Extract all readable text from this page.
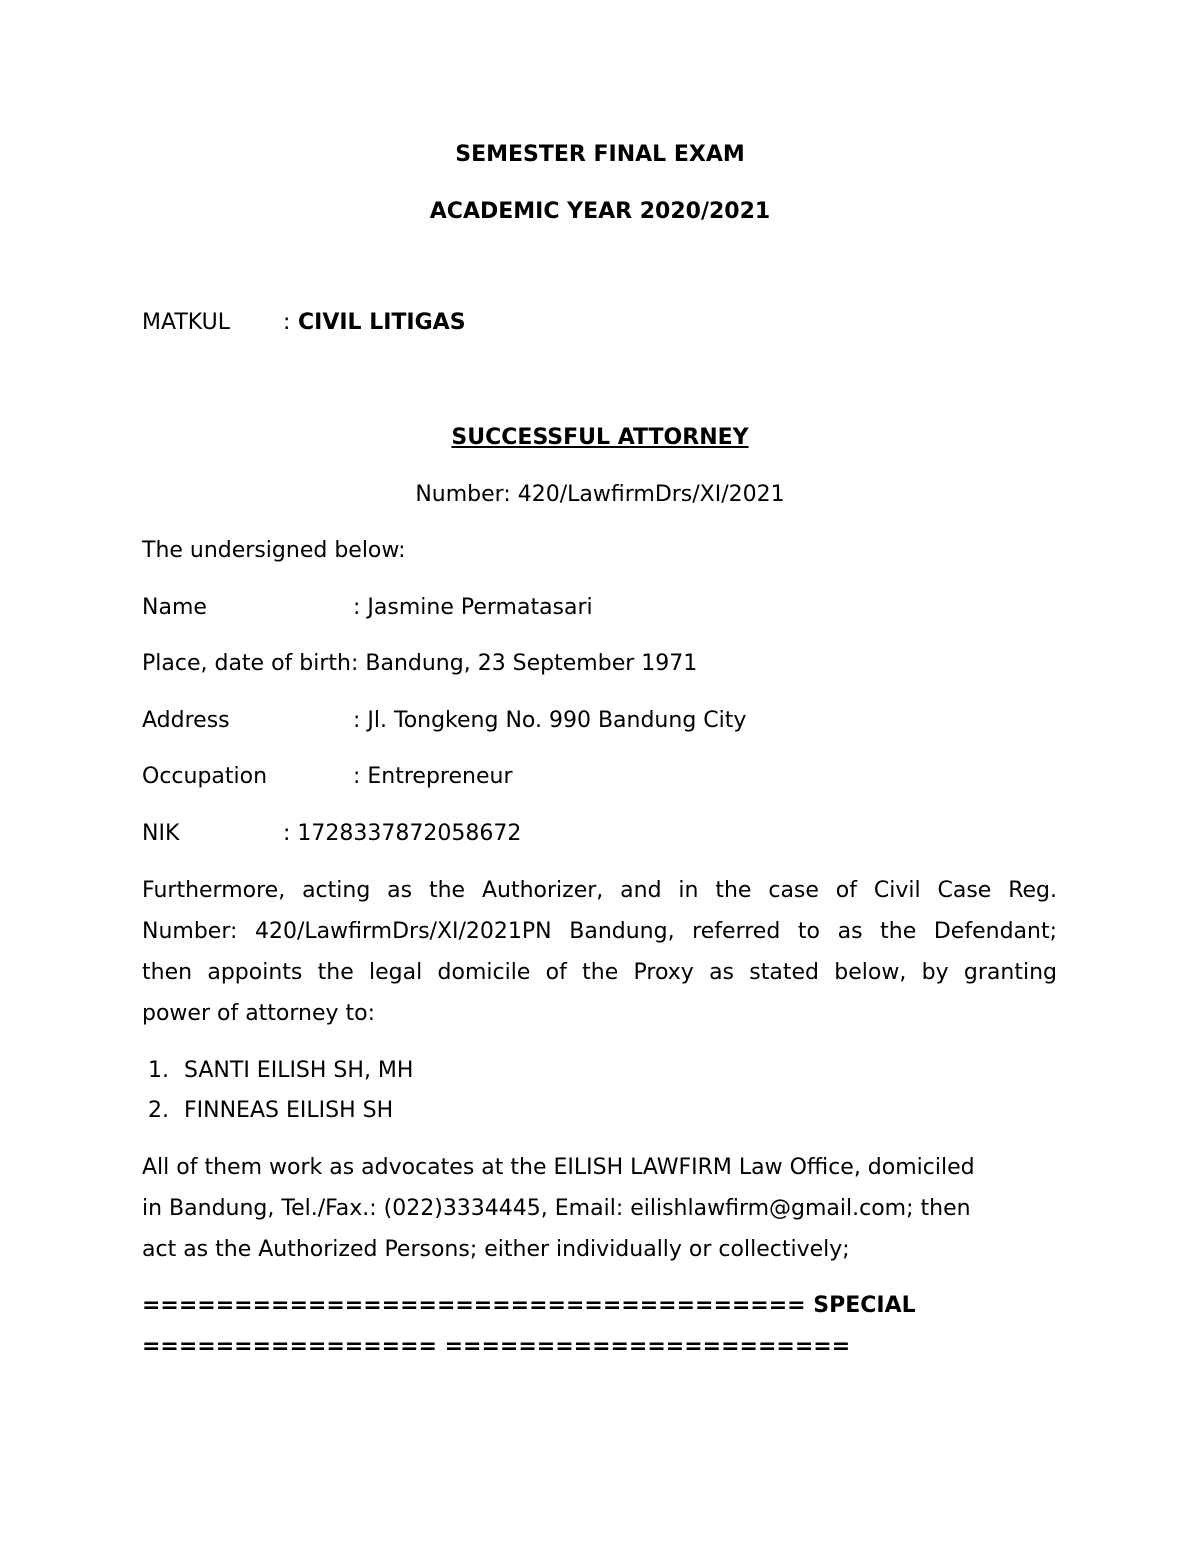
SEMESTER FINAL EXAM
ACADEMIC YEAR 2020/2021
MATKUL : CIVIL LITIGAS
SUCCESSFUL ATTORNEY
Number: 420/LawfirmDrs/XI/2021
The undersigned below:
Name	: Jasmine Permatasari
Place, date of birth: Bandung, 23 September 1971
Address	: Jl. Tongkeng No. 990 Bandung City
Occupation	: Entrepreneur
NIK	: 1728337872058672
Furthermore, acting as the Authorizer, and in the case of Civil Case Reg.
Number: 420/LawfirmDrs/XI/2021PN Bandung, referred to as the Defendant;
then appoints the legal domicile of the Proxy as stated below, by granting
power of attorney to:
1. SANTI EILISH SH, MH
2. FINNEAS EILISH SH
All of them work as advocates at the EILISH LAWFIRM Law Office, domiciled
in Bandung, Tel./Fax.: (022)3334445, Email: eilishlawfirm@gmail.com; then
act as the Authorized Persons; either individually or collectively;
==================================== SPECIAL
================ ======================
